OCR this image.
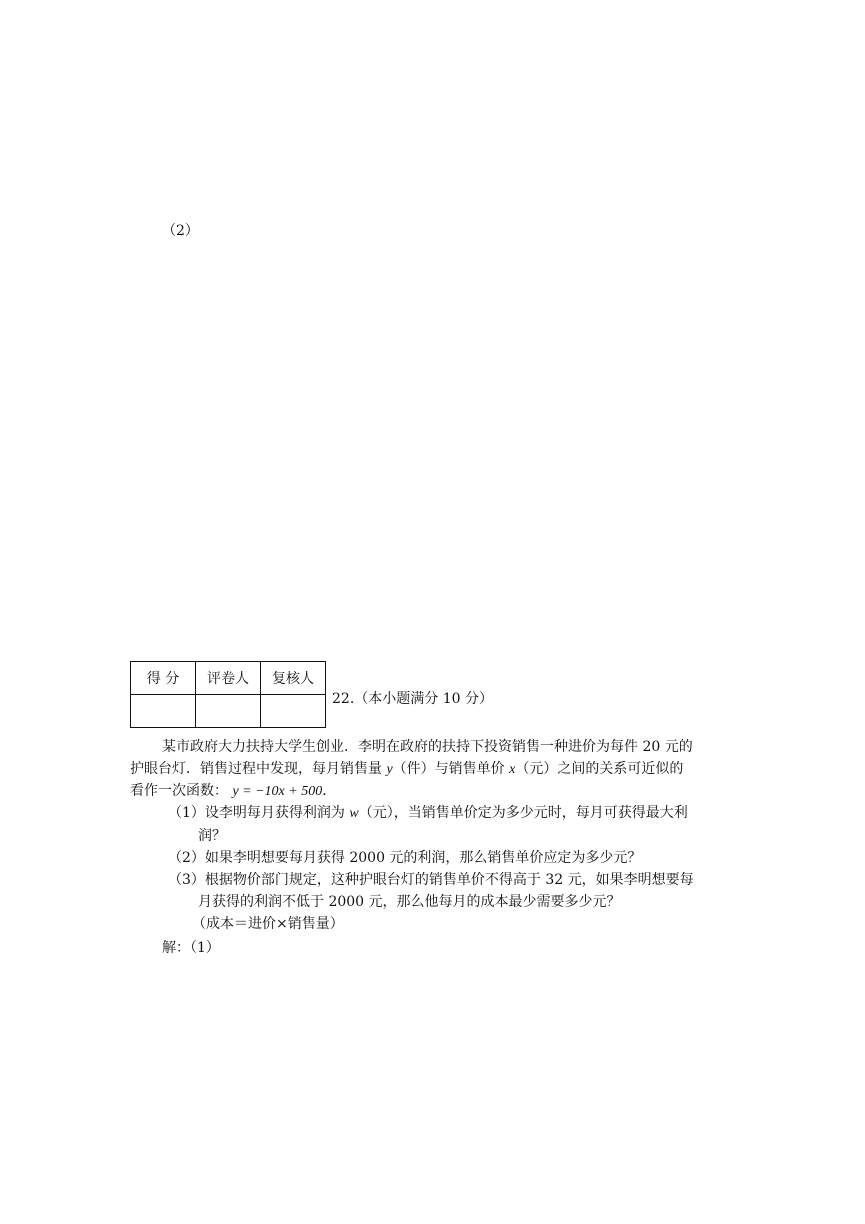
（2）
得 分	评卷人	复核人

22.（本小题满分 10 分）
某市政府大力扶持大学生创业．李明在政府的扶持下投资销售一种进价为每件 20 元的
护眼台灯．销售过程中发现，每月销售量 y（件）与销售单价 x（元）之间的关系可近似的
看作一次函数： y = −10x + 500．
（1）设李明每月获得利润为 w（元），当销售单价定为多少元时，每月可获得最大利
润？
（2）如果李明想要每月获得 2000 元的利润，那么销售单价应定为多少元？
（3）根据物价部门规定，这种护眼台灯的销售单价不得高于 32 元，如果李明想要每
月获得的利润不低于 2000 元，那么他每月的成本最少需要多少元？
（成本＝进价×销售量）
解：（1）
